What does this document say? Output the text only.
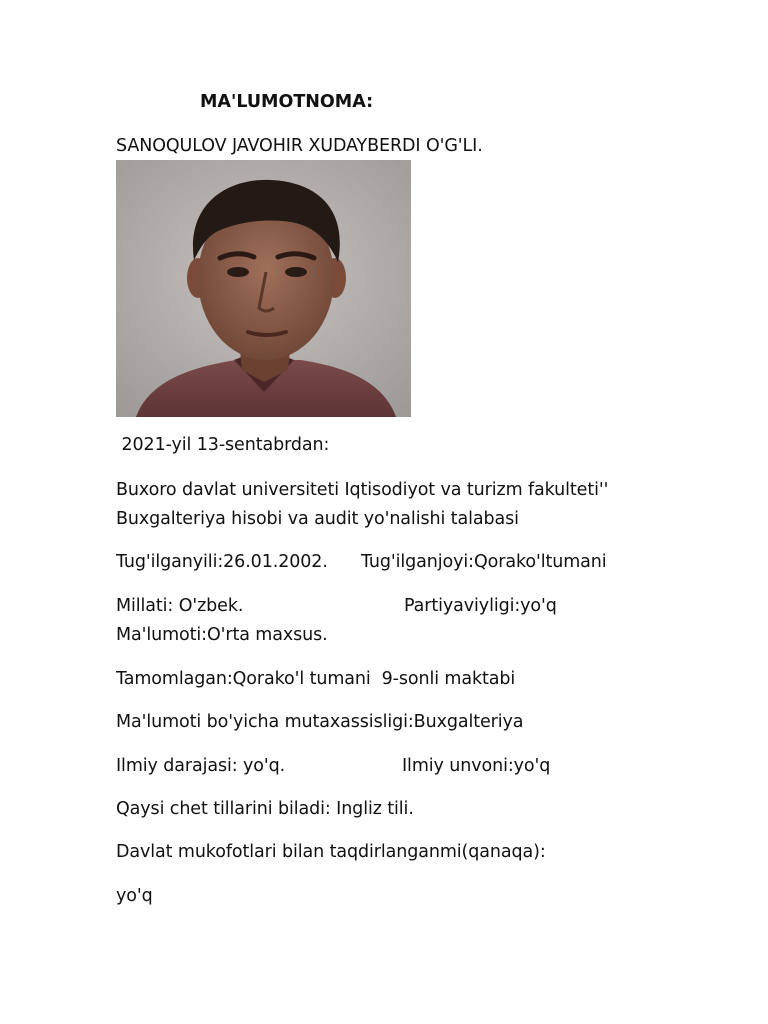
MA'LUMOTNOMA:
SANOQULOV JAVOHIR XUDAYBERDI O'G'LI.
2021-yil 13-sentabrdan:
Buxoro davlat universiteti Iqtisodiyot va turizm fakulteti''
Buxgalteriya hisobi va audit yo'nalishi talabasi

Tug'ilganyili:26.01.2002.

Tug'ilganjoyi:Qorako'ltumani

Millati: O'zbek.

	Partiyaviyligi:yo'q

Ma'lumoti:O'rta maxsus.
Tamomlagan:Qorako'l tumani  9-sonli maktabi
Ma'lumoti bo'yicha mutaxassisligi:Buxgalteriya

Ilmiy darajasi: yo'q.

	Ilmiy unvoni:yo'q

Qaysi chet tillarini biladi: Ingliz tili.
Davlat mukofotlari bilan taqdirlanganmi(qanaqa):
yo'q
